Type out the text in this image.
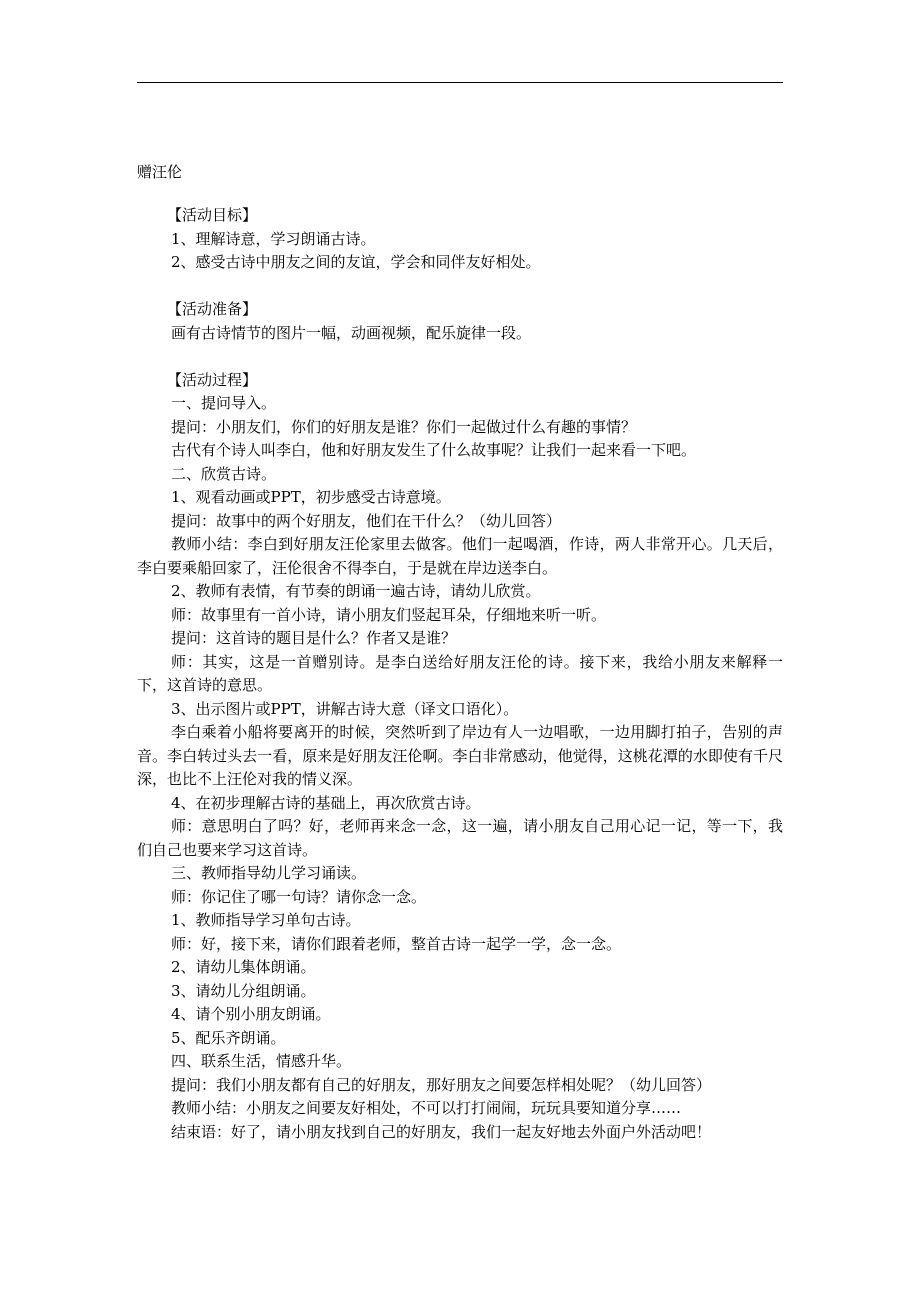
赠汪伦
【活动目标】

1、理解诗意，学习朗诵古诗。

2、感受古诗中朋友之间的友谊，学会和同伴友好相处。

【活动准备】

画有古诗情节的图片一幅，动画视频，配乐旋律一段。

【活动过程】

一、提问导入。

提问：小朋友们，你们的好朋友是谁？你们一起做过什么有趣的事情？

古代有个诗人叫李白，他和好朋友发生了什么故事呢？让我们一起来看一下吧。

二、欣赏古诗。

1、观看动画或PPT，初步感受古诗意境。

提问：故事中的两个好朋友，他们在干什么？（幼儿回答）

教师小结：李白到好朋友汪伦家里去做客。他们一起喝酒，作诗，两人非常开心。几天后，李白要乘船回家了，汪伦很舍不得李白，于是就在岸边送李白。

2、教师有表情，有节奏的朗诵一遍古诗，请幼儿欣赏。

师：故事里有一首小诗，请小朋友们竖起耳朵，仔细地来听一听。

提问：这首诗的题目是什么？作者又是谁？

师：其实，这是一首赠别诗。是李白送给好朋友汪伦的诗。接下来，我给小朋友来解释一下，这首诗的意思。

3、出示图片或PPT，讲解古诗大意（译文口语化）。

李白乘着小船将要离开的时候，突然听到了岸边有人一边唱歌，一边用脚打拍子，告别的声音。李白转过头去一看，原来是好朋友汪伦啊。李白非常感动，他觉得，这桃花潭的水即使有千尺深，也比不上汪伦对我的情义深。

4、在初步理解古诗的基础上，再次欣赏古诗。

师：意思明白了吗？好，老师再来念一念，这一遍，请小朋友自己用心记一记，等一下，我们自己也要来学习这首诗。

三、教师指导幼儿学习诵读。

师：你记住了哪一句诗？请你念一念。

1、教师指导学习单句古诗。

师：好，接下来，请你们跟着老师，整首古诗一起学一学，念一念。

2、请幼儿集体朗诵。

3、请幼儿分组朗诵。

4、请个别小朋友朗诵。

5、配乐齐朗诵。

四、联系生活，情感升华。

提问：我们小朋友都有自己的好朋友，那好朋友之间要怎样相处呢？（幼儿回答）

教师小结：小朋友之间要友好相处，不可以打打闹闹，玩玩具要知道分享……

结束语：好了，请小朋友找到自己的好朋友，我们一起友好地去外面户外活动吧！
